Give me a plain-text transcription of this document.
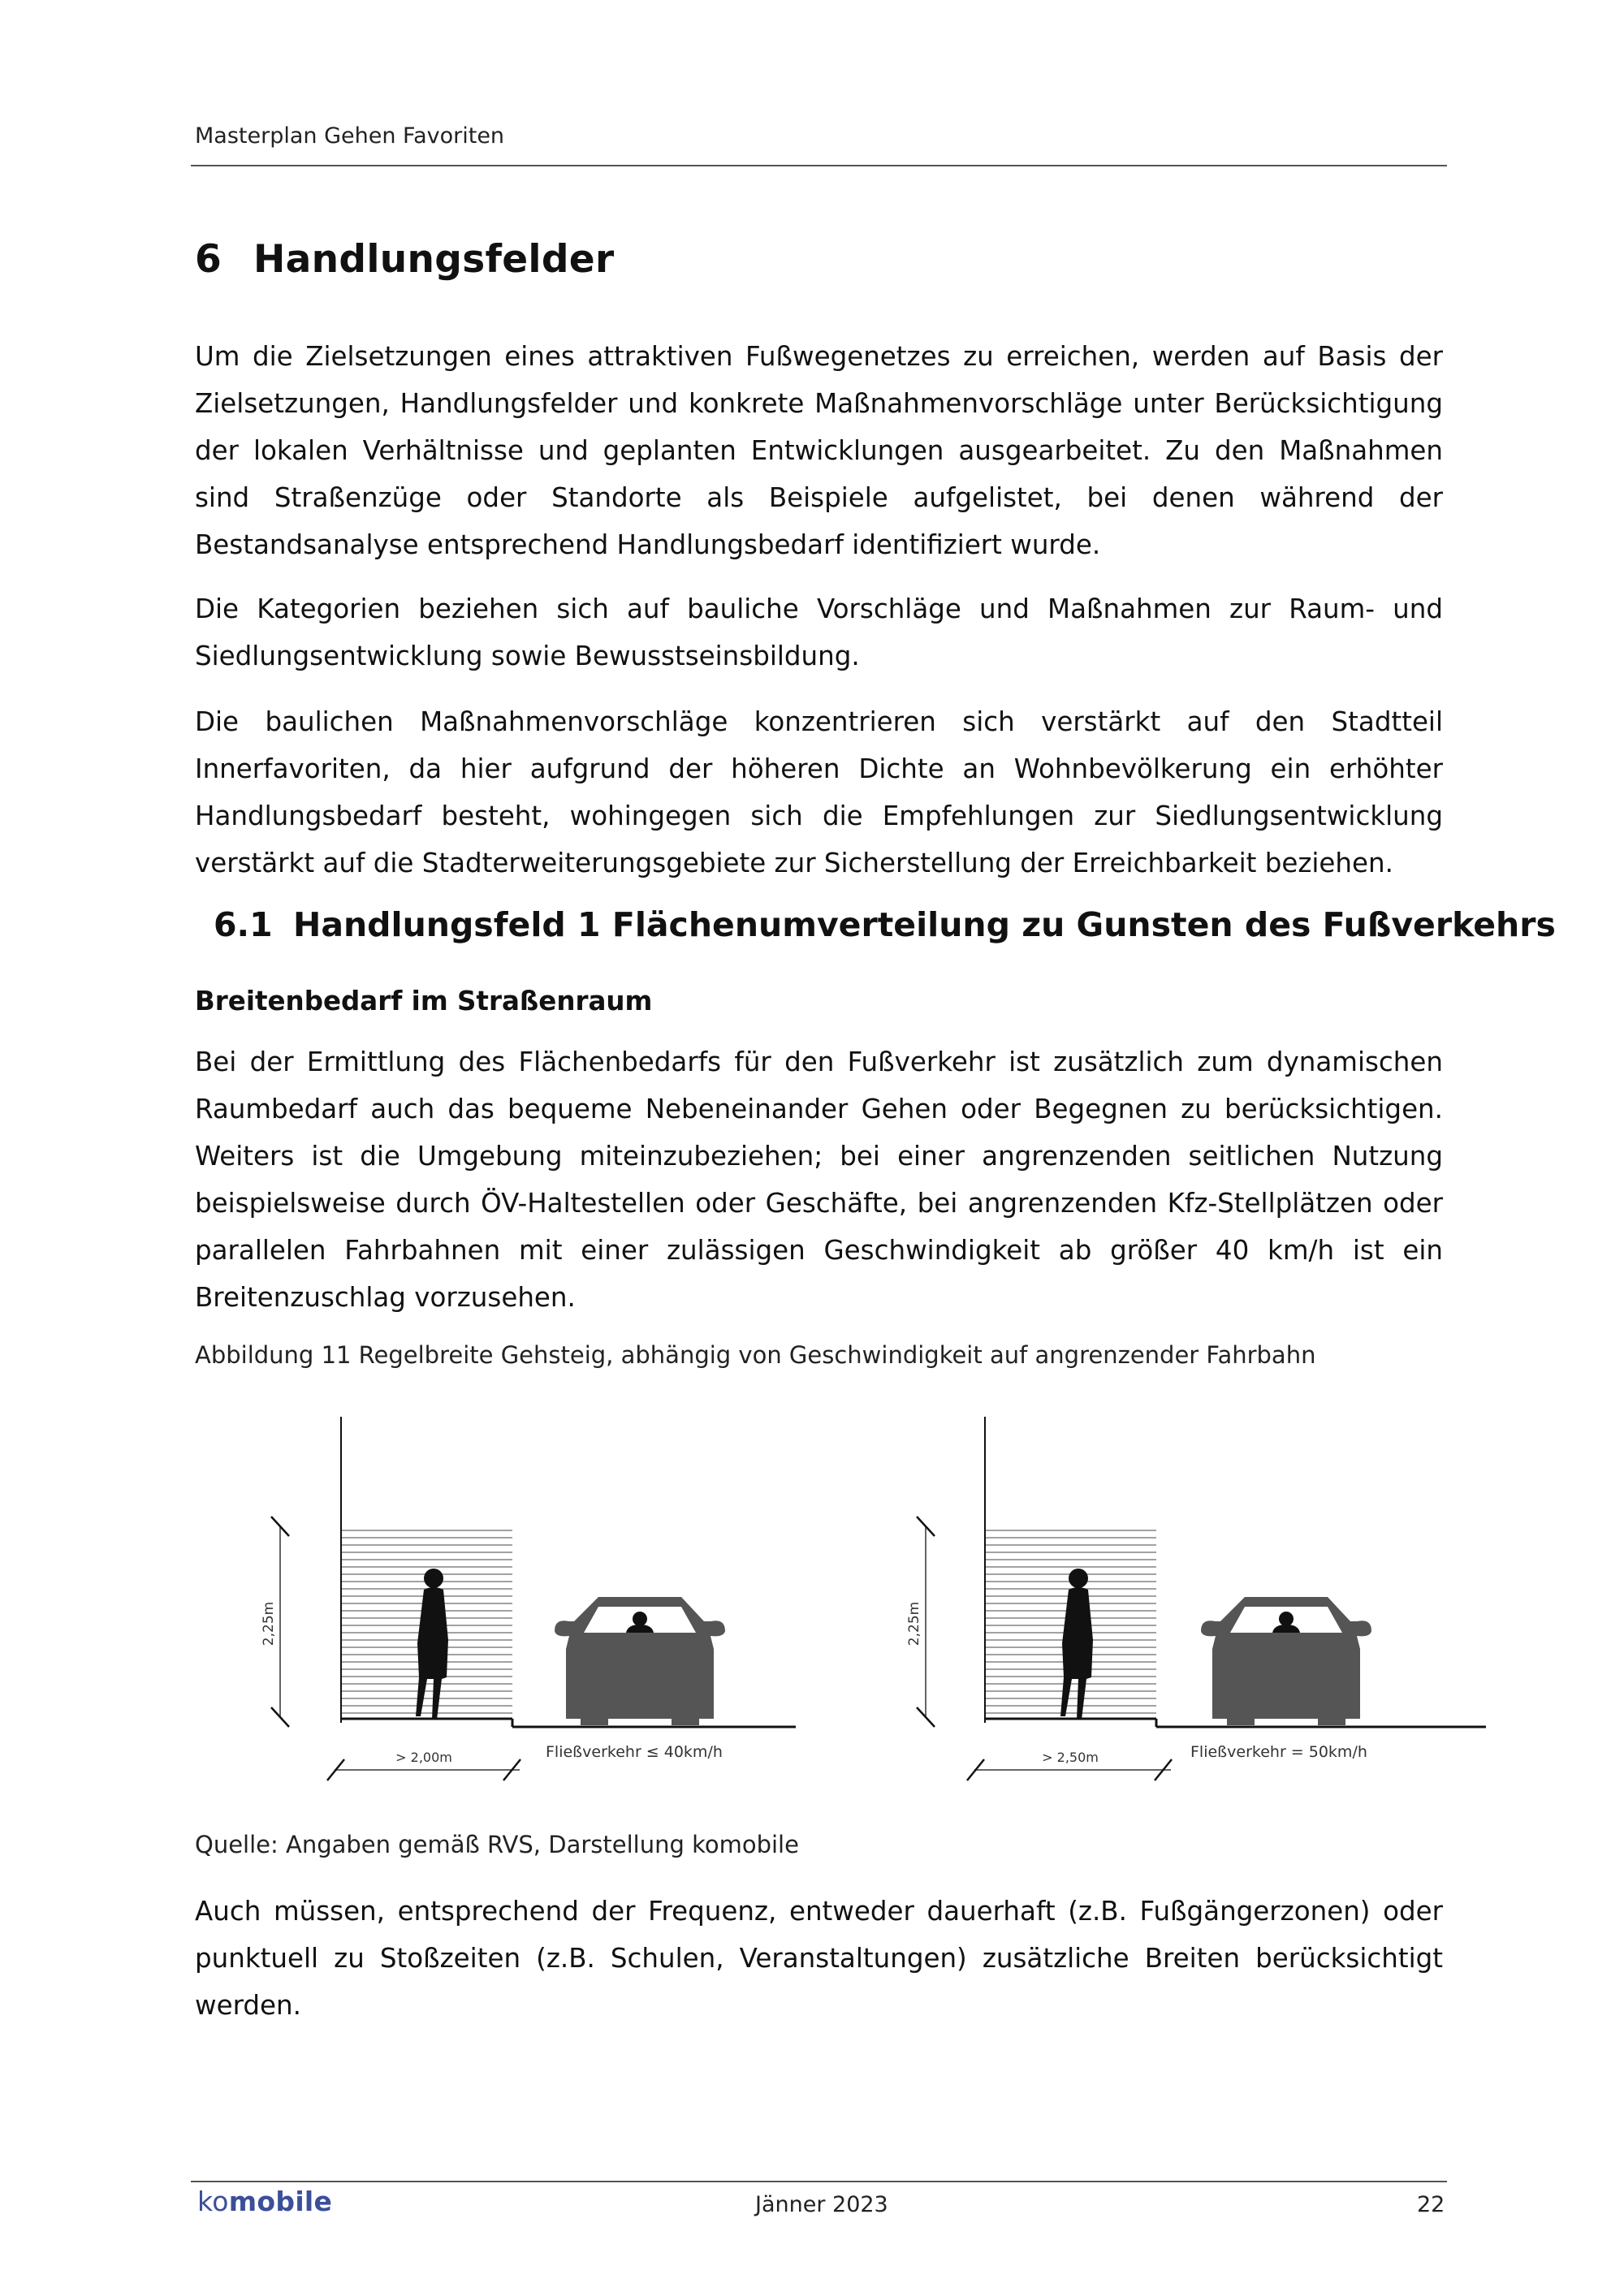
Masterplan Gehen Favoriten
6 Handlungsfelder
Um die Zielsetzungen eines attraktiven Fußwegenetzes zu erreichen, werden auf Basis der Zielsetzungen, Handlungsfelder und konkrete Maßnahmenvorschläge unter Berücksichtigung der lokalen Verhältnisse und geplanten Entwicklungen ausgearbeitet. Zu den Maßnahmen sind Straßenzüge oder Standorte als Beispiele aufgelistet, bei denen während der Bestandsanalyse entsprechend Handlungsbedarf identifiziert wurde.
Die Kategorien beziehen sich auf bauliche Vorschläge und Maßnahmen zur Raum- und Siedlungsentwicklung sowie Bewusstseinsbildung.
Die baulichen Maßnahmenvorschläge konzentrieren sich verstärkt auf den Stadtteil Innerfavoriten, da hier aufgrund der höheren Dichte an Wohnbevölkerung ein erhöhter Handlungsbedarf besteht, wohingegen sich die Empfehlungen zur Siedlungsentwicklung verstärkt auf die Stadterweiterungsgebiete zur Sicherstellung der Erreichbarkeit beziehen.
6.1 Handlungsfeld 1 Flächenumverteilung zu Gunsten des Fußverkehrs
Breitenbedarf im Straßenraum
Bei der Ermittlung des Flächenbedarfs für den Fußverkehr ist zusätzlich zum dynamischen Raumbedarf auch das bequeme Nebeneinander Gehen oder Begegnen zu berücksichtigen. Weiters ist die Umgebung miteinzubeziehen; bei einer angrenzenden seitlichen Nutzung beispielsweise durch ÖV-Haltestellen oder Geschäfte, bei angrenzenden Kfz-Stellplätzen oder parallelen Fahrbahnen mit einer zulässigen Geschwindigkeit ab größer 40 km/h ist ein Breitenzuschlag vorzusehen.
Abbildung 11 Regelbreite Gehsteig, abhängig von Geschwindigkeit auf angrenzender Fahrbahn
2,25m
> 2,00m	Fließverkehr ≤ 40km/h
2,25m
> 2,50m	Fließverkehr = 50km/h
Quelle: Angaben gemäß RVS, Darstellung komobile
Auch müssen, entsprechend der Frequenz, entweder dauerhaft (z.B. Fußgängerzonen) oder punktuell zu Stoßzeiten (z.B. Schulen, Veranstaltungen) zusätzliche Breiten berücksichtigt werden.
komobile	Jänner 2023	22
